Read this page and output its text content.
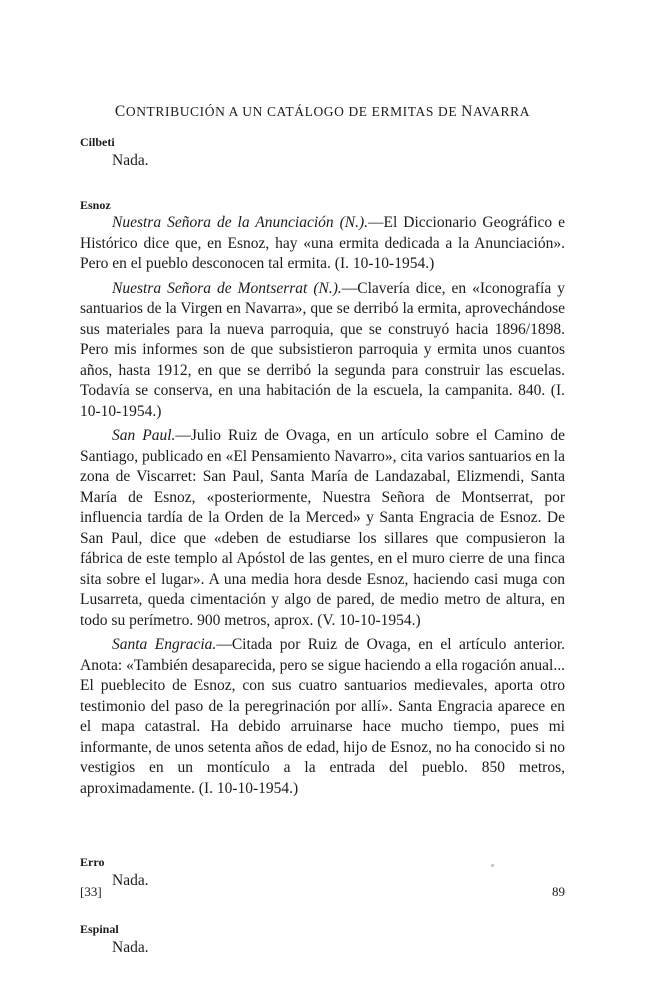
CONTRIBUCIÓN A UN CATÁLOGO DE ERMITAS DE NAVARRA

Cilbeti

Nada.

Esnoz

Nuestra Señora de la Anunciación (N.).—El Diccionario Geográfico e Histórico dice que, en Esnoz, hay «una ermita dedicada a la Anunciación». Pero en el pueblo desconocen tal ermita. (I. 10-10-1954.)

Nuestra Señora de Montserrat (N.).—Clavería dice, en «Iconografía y santuarios de la Virgen en Navarra», que se derribó la ermita, aprovechándose sus materiales para la nueva parroquia, que se construyó hacia 1896/1898. Pero mis informes son de que subsistieron parroquia y ermita unos cuantos años, hasta 1912, en que se derribó la segunda para construir las escuelas. Todavía se conserva, en una habitación de la escuela, la campanita. 840. (I. 10-10-1954.)

San Paul.—Julio Ruiz de Ovaga, en un artículo sobre el Camino de Santiago, publicado en «El Pensamiento Navarro», cita varios santuarios en la zona de Viscarret: San Paul, Santa María de Landazabal, Elizmendi, Santa María de Esnoz, «posteriormente, Nuestra Señora de Montserrat, por influencia tardía de la Orden de la Merced» y Santa Engracia de Esnoz. De San Paul, dice que «deben de estudiarse los sillares que compusieron la fábrica de este templo al Apóstol de las gentes, en el muro cierre de una finca sita sobre el lugar». A una media hora desde Esnoz, haciendo casi muga con Lusarreta, queda cimentación y algo de pared, de medio metro de altura, en todo su perímetro. 900 metros, aprox. (V. 10-10-1954.)

Santa Engracia.—Citada por Ruiz de Ovaga, en el artículo anterior. Anota: «También desaparecida, pero se sigue haciendo a ella rogación anual... El pueblecito de Esnoz, con sus cuatro santuarios medievales, aporta otro testimonio del paso de la peregrinación por allí». Santa Engracia aparece en el mapa catastral. Ha debido arruinarse hace mucho tiempo, pues mi informante, de unos setenta años de edad, hijo de Esnoz, no ha conocido si no vestigios en un montículo a la entrada del pueblo. 850 metros, aproximadamente. (I. 10-10-1954.)

Erro

Nada.

Espinal

Nada.

[33]	89
